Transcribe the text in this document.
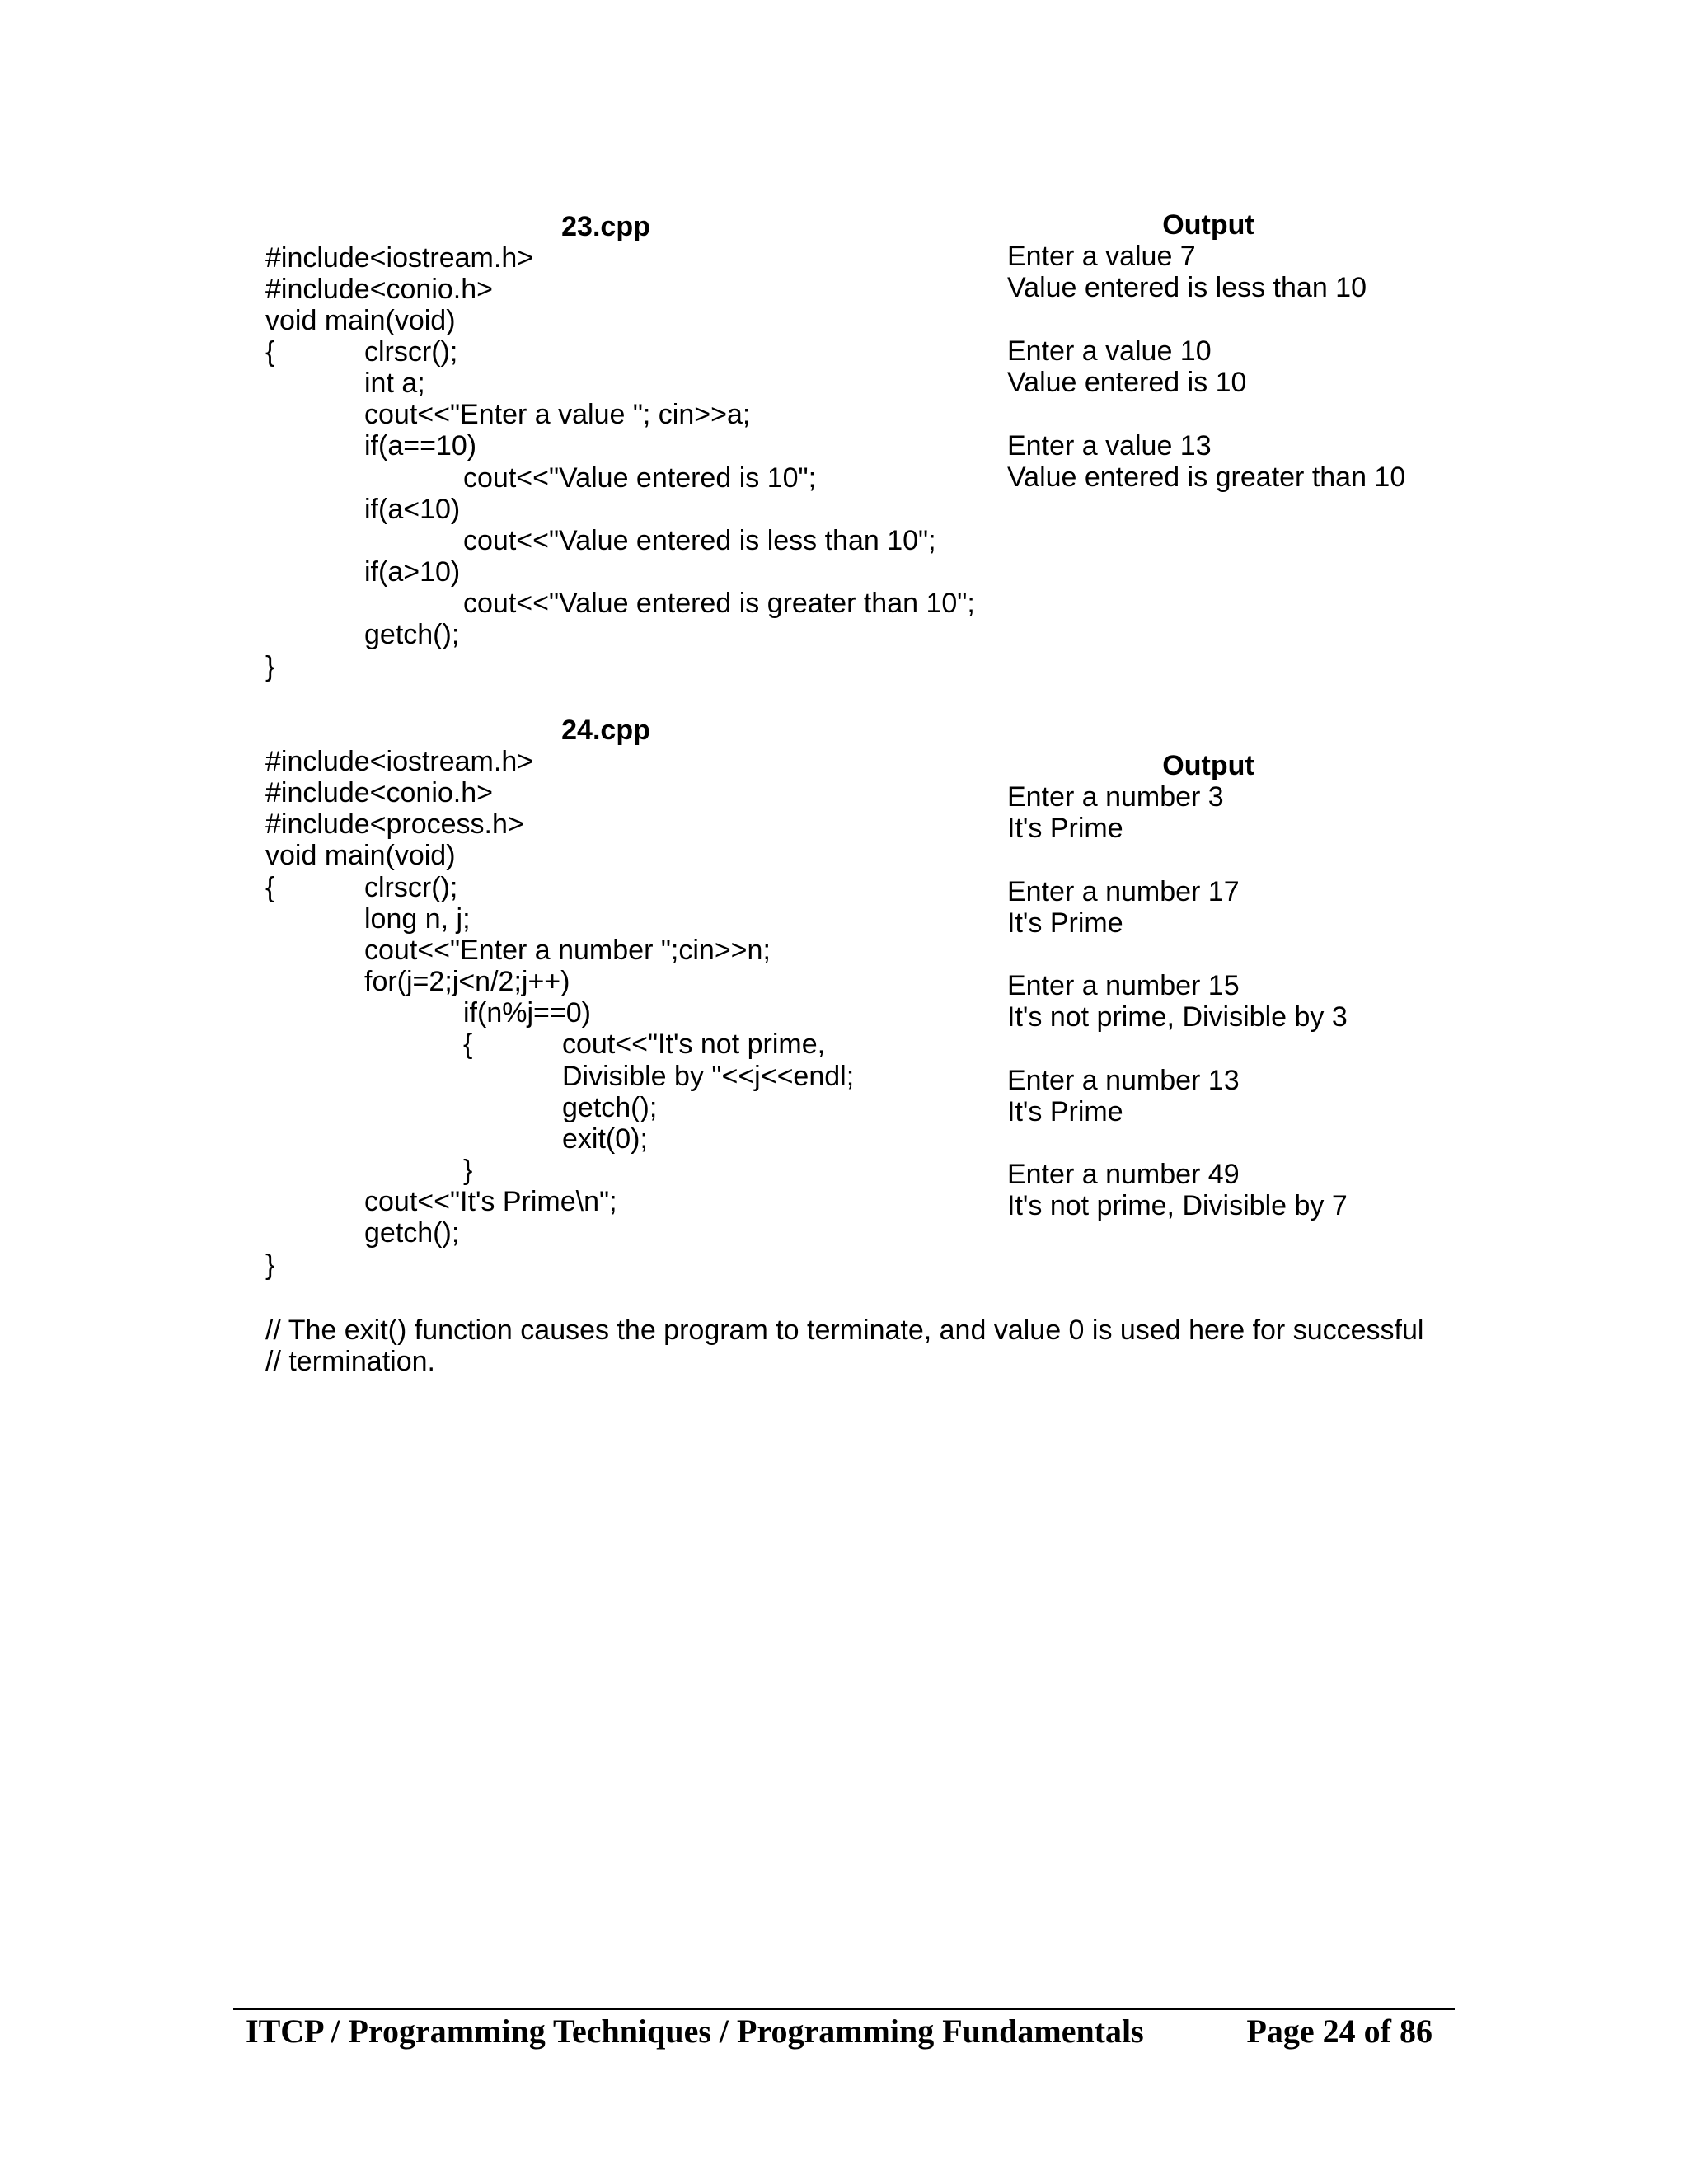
23.cpp
#include<iostream.h>
#include<conio.h>
void main(void)
{	clrscr();
int a;
cout<<"Enter a value "; cin>>a;
if(a==10)
cout<<"Value entered is 10";
if(a<10)
cout<<"Value entered is less than 10";
if(a>10)
cout<<"Value entered is greater than 10";
getch();
}
Output
Enter a value 7
Value entered is less than 10
Enter a value 10
Value entered is 10
Enter a value 13
Value entered is greater than 10
24.cpp
#include<iostream.h>
#include<conio.h>
#include<process.h>
void main(void)
{	clrscr();
long n, j;
cout<<"Enter a number ";cin>>n;
for(j=2;j<n/2;j++)
if(n%j==0)
{	cout<<"It's not prime,
Divisible by "<<j<<endl;
getch();
exit(0);
}
cout<<"It's Prime\n";
getch();
}
Output
Enter a number 3
It's Prime
Enter a number 17
It's Prime
Enter a number 15
It's not prime, Divisible by 3
Enter a number 13
It's Prime
Enter a number 49
It's not prime, Divisible by 7
// The exit() function causes the program to terminate, and value 0 is used here for successful
// termination.
ITCP / Programming Techniques / Programming Fundamentals	Page 24 of 86
